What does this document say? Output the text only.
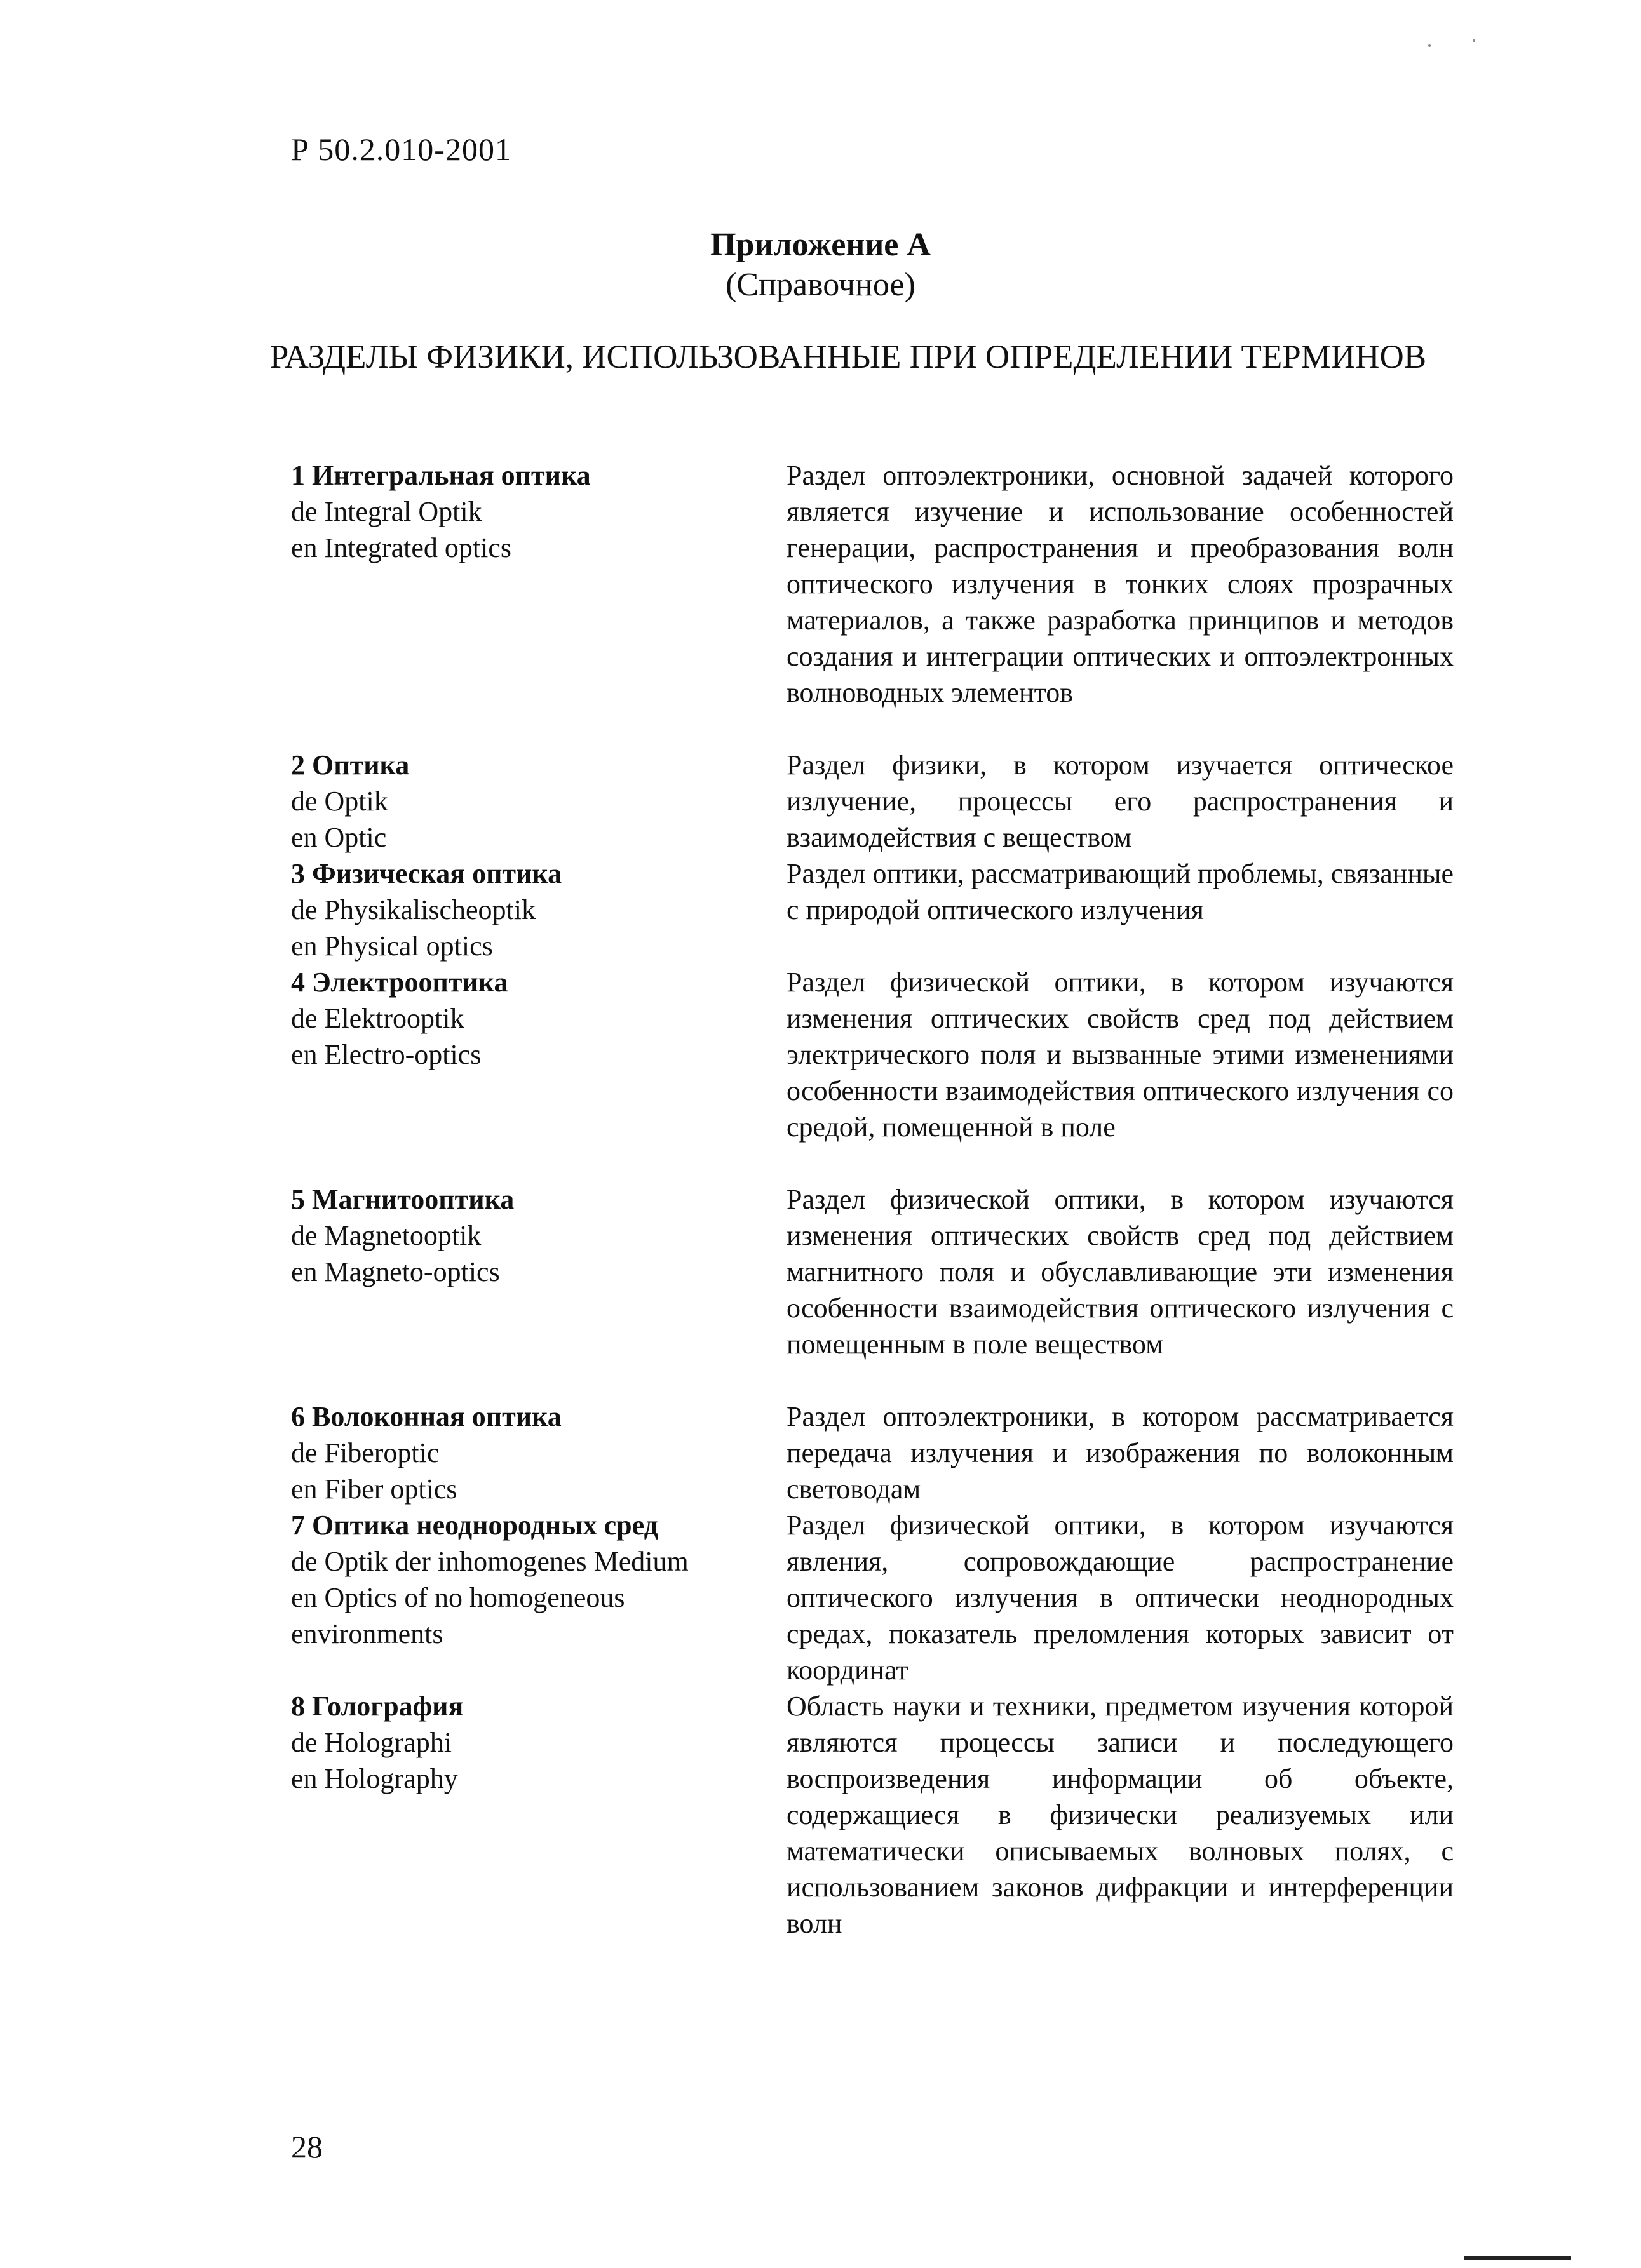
Р 50.2.010-2001
Приложение А
(Справочное)
РАЗДЕЛЫ ФИЗИКИ, ИСПОЛЬЗОВАННЫЕ ПРИ ОПРЕДЕЛЕНИИ ТЕРМИНОВ
1 Интегральная оптика
de Integral Optik
en Integrated optics
Раздел оптоэлектроники, основной задачей которого является изучение и использование особенностей генерации, распространения и преобразования волн оптического излучения в тонких слоях прозрачных материалов, а также разработка принципов и методов создания и интеграции оптических и оптоэлектронных волноводных элементов
2 Оптика
de Optik
en Optic
Раздел физики, в котором изучается оптическое излучение, процессы его распространения и взаимодействия с веществом
3 Физическая оптика
de Physikalischeoptik
en Physical optics
Раздел оптики, рассматривающий проблемы, связанные с природой оптического излучения
4 Электрооптика
de Elektrooptik
en Electro-optics
Раздел физической оптики, в котором изучаются изменения оптических свойств сред под действием электрического поля и вызванные этими изменениями особенности взаимодействия оптического излучения со средой, помещенной в поле
5 Магнитооптика
de Magnetooptik
en Magneto-optics
Раздел физической оптики, в котором изучаются изменения оптических свойств сред под действием магнитного поля и обуславливающие эти изменения особенности взаимодействия оптического излучения с помещенным в поле веществом
6 Волоконная оптика
de Fiberoptic
en Fiber optics
Раздел оптоэлектроники, в котором рассматривается передача излучения и изображения по волоконным световодам
7 Оптика неоднородных сред
de Optik der inhomogenes Medium
en Optics of no homogeneous environments
Раздел физической оптики, в котором изучаются явления, сопровождающие распространение оптического излучения в оптически неоднородных средах, показатель преломления которых зависит от координат
8 Голография
de Holographi
en Holography
Область науки и техники, предметом изучения которой являются процессы записи и последующего воспроизведения информации об объекте, содержащиеся в физически реализуемых или математически описываемых волновых полях, с использованием законов дифракции и интерференции волн
28
